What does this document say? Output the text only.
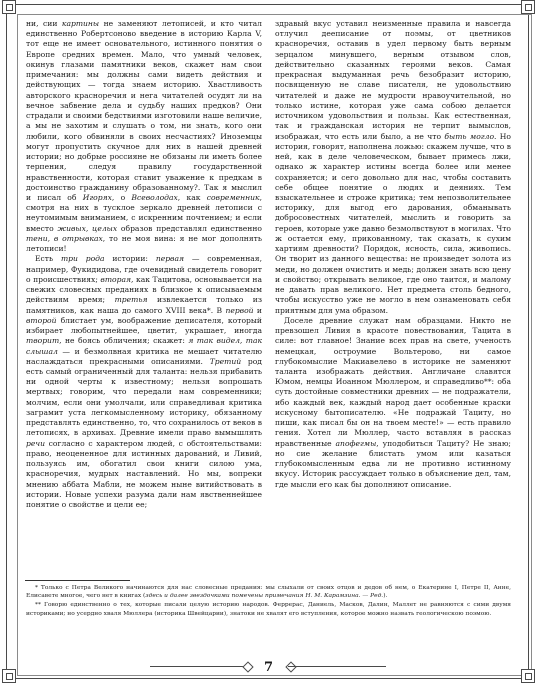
ни, сии картины не заменяют летописей, и кто читал единственно Робертсоново введение в историю Карла V, тот еще не имеет основательного, истинного понятия о Европе средних времен. Мало, что умный человек, окинув глазами памятники веков, скажет нам свои примечания: мы должны сами видеть действия и действующих — тогда знаем историю. Хвастливость авторского красноречия и нега читателей осудят ли на вечное забвение дела и судьбу наших предков? Они страдали и своими бедствиями изготовили наше величие, а мы не захотим и слушать о том, ни знать, кого они любили, кого обвиняли в своих несчастиях? Иноземцы могут пропустить скучное для них в нашей древней истории; но добрые россияне не обязаны ли иметь более терпения, следуя правилу государственной нравственности, которая ставит уважение к предкам в достоинство гражданину образованному?. Так я мыслил и писал об Игорях, о Всеволодах, как современник, смотря на них в тусклое зеркало древней летописи с неутомимым вниманием, с искренним почтением; и если вместо живых, целых образов представлял единственно тени, в отрывках, то не моя вина: я не мог дополнять летописи!

Есть три рода истории: первая — современная, например, Фукидидова, где очевидный свидетель говорит о происшествиях; вторая, как Тацитова, основывается на свежих словесных преданиях в близкое к описываемым действиям время; третья извлекается только из памятников, как наша до самого XVIII века*. В первой и второй блистает ум, воображение деписателя, который избирает любопытнейшее, цветит, украшает, иногда творит, не боясь обличения; скажет: я так видел, так слышал — и безмолвная критика не мешает читателю наслаждаться прекрасными описаниями. Третий род есть самый ограниченный для таланта: нельзя прибавить ни одной черты к известному; нельзя вопрошать мертвых; говорим, что передали нам современники; молчим, если они умолчали, или справедливая критика заграмит уста легкомысленному историку, обязанному представлять единственно, то, что сохранилось от веков в летописях, в архивах. Древние имели право вымышлять речи согласно с характером людей, с обстоятельствами: право, неоцененное для истинных дарований, и Ливий, пользуясь им, обогатил свои книги силою ума, красноречия, мудрых наставлений. Но мы, вопреки мнению аббата Мабли, не можем ныне витийствовать в истории. Новые успехи разума дали нам явственнейшее понятие о свойстве и цели ее;

здравый вкус уставил неизменные правила и навсегда отлучил дееписание от поэмы, от цветников красноречия, оставив в удел первому быть верным зерцалом минувшего, верным отзывом слов, действительно сказанных героями веков. Самая прекрасная выдуманная речь безобразит историю, посвященную не славе писателя, не удовольствию читателей и даже не мудрости нравоучительной, но только истине, которая уже сама собою делается источником удовольствия и пользы. Как естественная, так и гражданская история не терпит вымыслов, изображая, что есть или было, а не что быть могло. Но история, говорят, наполнена ложью: скажем лучше, что в ней, как в деле человеческом, бывает примесь лжи, однако ж характер истины всегда более или менее сохраняется; и сего довольно для нас, чтобы составить себе общее понятие о людях и деяниях. Тем взыскательнее и строже критика; тем непозволительнее историку, для выгод его дарования, обманывать добросовестных читателей, мыслить и говорить за героев, которые уже давно безмолвствуют в могилах. Что ж остается ему, прикованному, так сказать, к сухим хартиям древности? Порядок, ясность, сила, живопись. Он творит из данного вещества: не произведет золота из меди, но должен очистить и медь; должен знать всю цену и свойство; открывать великое, где оно таится, и малому не давать прав великого. Нет предмета столь бедного, чтобы искусство уже не могло в нем ознаменовать себя приятным для ума образом.

Доселе древние служат нам образцами. Никто не превзошел Ливия в красоте повествования, Тацита в силе: вот главное! Знание всех прав на свете, ученость немецкая, остроумие Вольтерово, ни самое глубокомыслие Макиавелево в историке не заменяют таланта изображать действия. Англичане славятся Юмом, немцы Иоанном Мюллером, и справедливо**: оба суть достойные совместники древних — не подражатели, ибо каждый век, каждый народ дает особенные краски искусному бытописателю. «Не подражай Тациту, но пиши, как писал бы он на твоем месте!» — есть правило гения. Хотел ли Мюллер, часто вставляя в рассказ нравственные апофегмы, уподобиться Тациту? Не знаю; но сие желание блистать умом или казаться глубокомысленным едва ли не противно истинному вкусу. Историк рассуждает только в объяснение дел, там, где мысли его как бы дополняют описание.

* Только с Петра Великого начинаются для нас словесные предания: мы слыхали от своих отцов и дедов об нем, о Екатерине I, Петре II, Анне, Елисавете многое, чего нет в книгах (здесь и далее звездочками помечены примечания Н. М. Карамзина. — Ред.).

** Говорю единственно о тех, которые писали целую историю народов. Феррерас, Даниель, Масков, Далин, Маллет не равняются с сими двумя историками; но усердно хваля Мюллера (историка Швейцарии), знатоки не хвалят его вступления, которое можно назвать геологическою поэмою.

7
